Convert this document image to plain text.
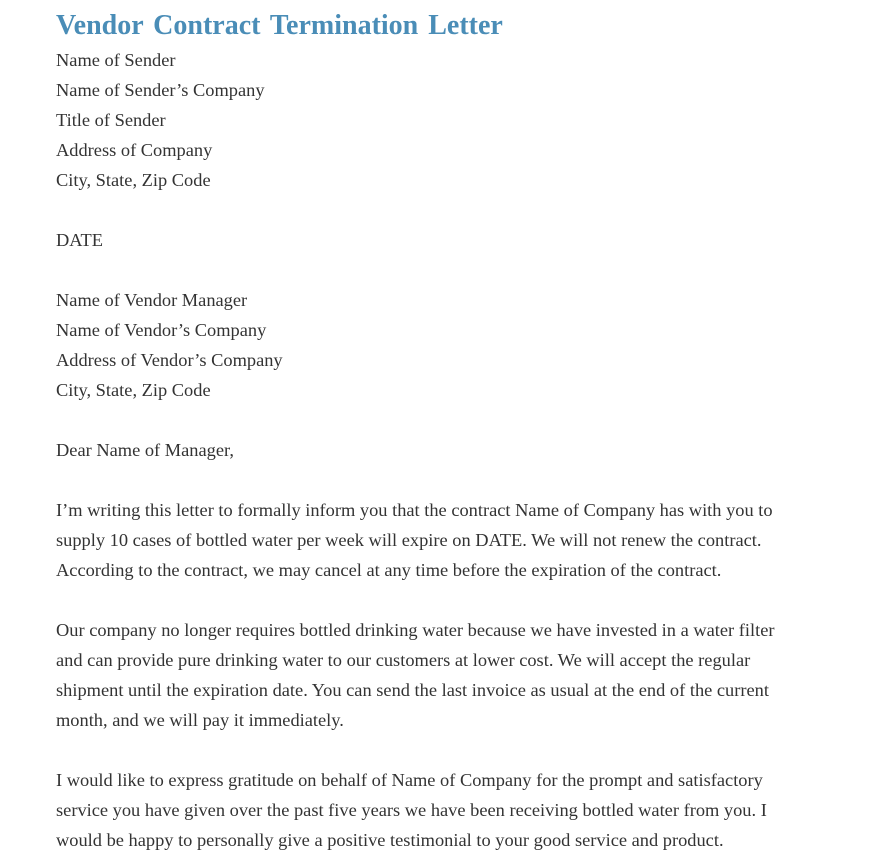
Vendor Contract Termination Letter
Name of Sender
Name of Sender’s Company
Title of Sender
Address of Company
City, State, Zip Code
DATE
Name of Vendor Manager
Name of Vendor’s Company
Address of Vendor’s Company
City, State, Zip Code
Dear Name of Manager,

I’m writing this letter to formally inform you that the contract Name of Company has with you to
supply 10 cases of bottled water per week will expire on DATE. We will not renew the contract.
According to the contract, we may cancel at any time before the expiration of the contract.

Our company no longer requires bottled drinking water because we have invested in a water filter
and can provide pure drinking water to our customers at lower cost. We will accept the regular
shipment until the expiration date. You can send the last invoice as usual at the end of the current
month, and we will pay it immediately.

I would like to express gratitude on behalf of Name of Company for the prompt and satisfactory
service you have given over the past five years we have been receiving bottled water from you. I
would be happy to personally give a positive testimonial to your good service and product.
